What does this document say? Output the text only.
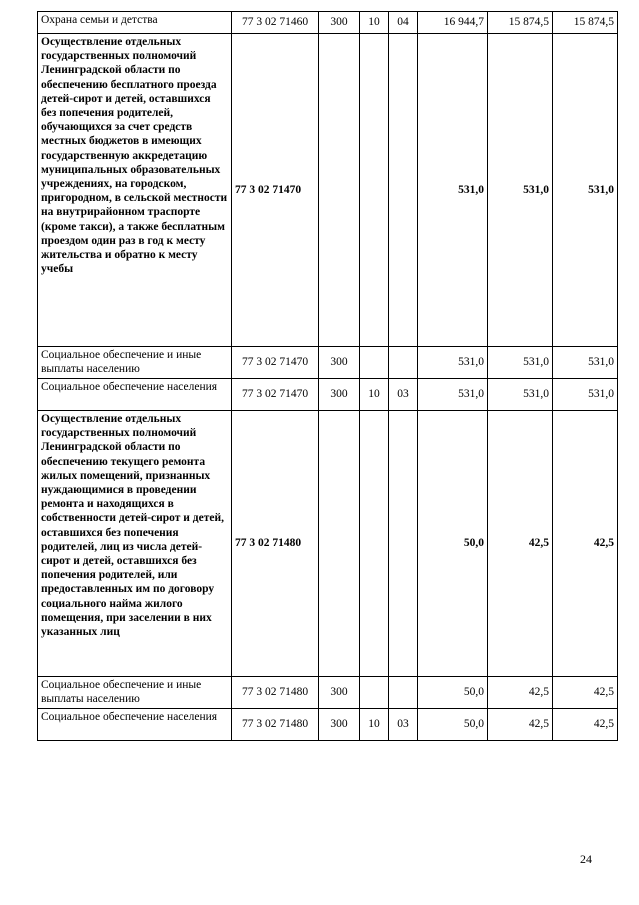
Охрана семьи и детства	77 3 02 71460	300	10	04	16 944,7	15 874,5	15 874,5
Осуществление отдельных государственных полномочий Ленинградской области по обеспечению бесплатного проезда детей-сирот и детей, оставшихся без попечения родителей, обучающихся за счет средств местных бюджетов в имеющих государственную аккредетацию муниципальных образовательных учреждениях, на городском, пригородном, в сельской местности на внутрирайонном траспорте (кроме такси), а также бесплатным проездом один раз в год к месту жительства и обратно к месту учебы	77 3 02 71470				531,0	531,0	531,0
Социальное обеспечение и иные выплаты населению	77 3 02 71470	300			531,0	531,0	531,0
Социальное обеспечение населения	77 3 02 71470	300	10	03	531,0	531,0	531,0
Осуществление отдельных государственных полномочий Ленинградской области по обеспечению текущего ремонта жилых помещений, признанных нуждающимися в проведении ремонта и находящихся в собственности детей-сирот и детей, оставшихся без попечения родителей, лиц из числа детей-сирот и детей, оставшихся без попечения родителей, или предоставленных им по договору социального найма жилого помещения, при заселении в них указанных лиц	77 3 02 71480				50,0	42,5	42,5
Социальное обеспечение и иные выплаты населению	77 3 02 71480	300			50,0	42,5	42,5
Социальное обеспечение населения	77 3 02 71480	300	10	03	50,0	42,5	42,5
24
